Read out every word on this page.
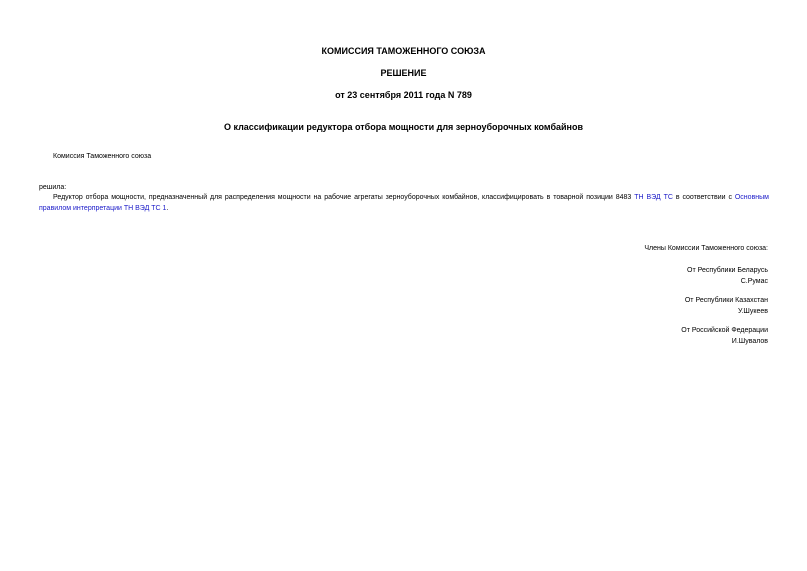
КОМИССИЯ ТАМОЖЕННОГО СОЮЗА
РЕШЕНИЕ
от 23 сентября 2011 года N 789
О классификации редуктора отбора мощности для зерноуборочных комбайнов
Комиссия Таможенного союза
решила:
Редуктор отбора мощности, предназначенный для распределения мощности на рабочие агрегаты зерноуборочных комбайнов, классифицировать в товарной позиции 8483 ТН ВЭД ТС в соответствии с Основным правилом интерпретации ТН ВЭД ТС 1.
Члены Комиссии Таможенного союза:
От Республики Беларусь
С.Румас
От Республики Казахстан
У.Шукеев
От Российской Федерации
И.Шувалов
